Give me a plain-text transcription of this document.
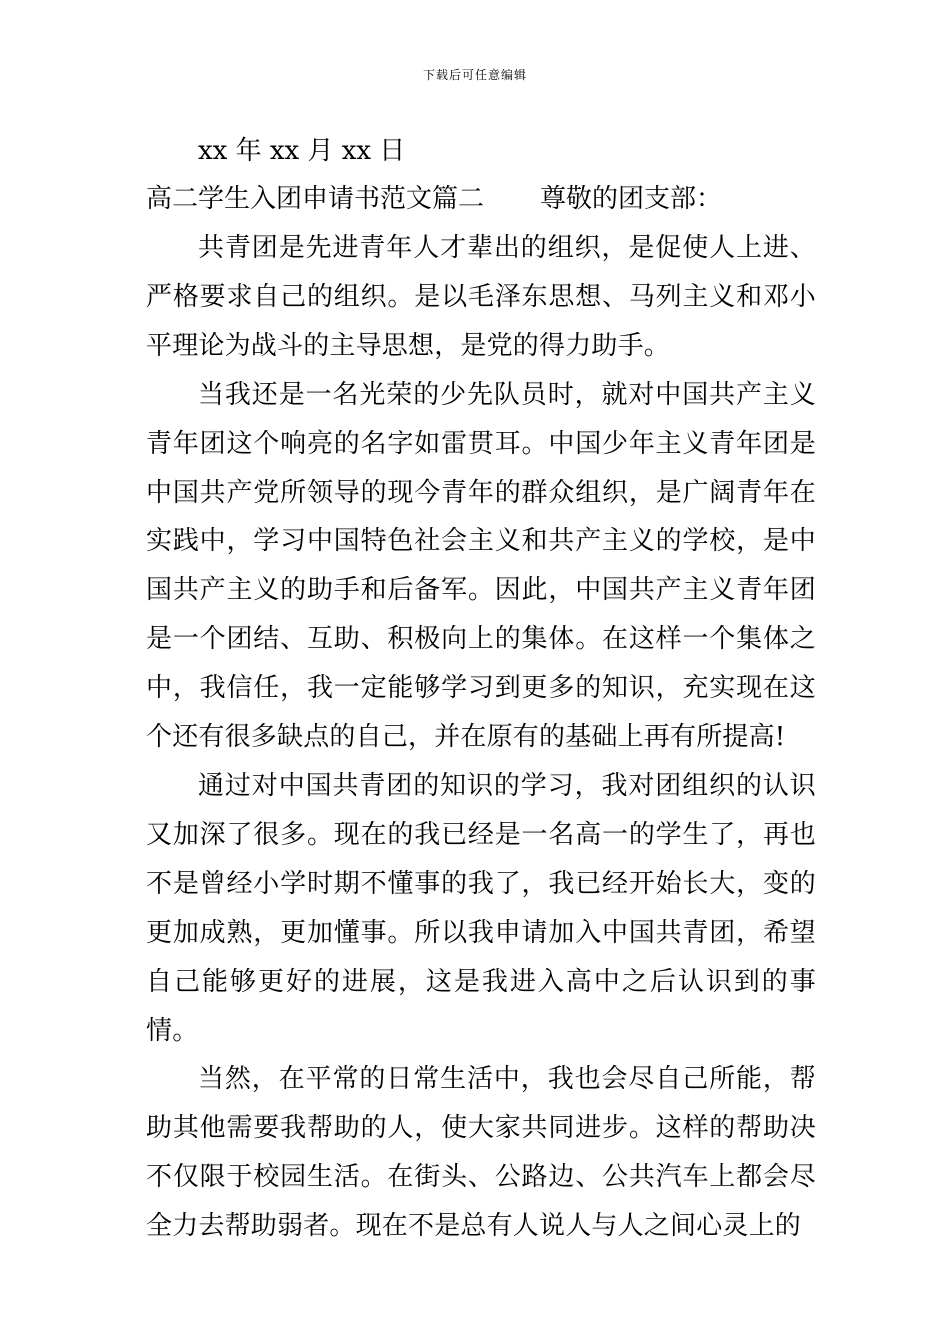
下载后可任意编辑
xx 年 xx 月 xx 日
高二学生入团申请书范文篇二 尊敬的团支部：

共青团是先进青年人才辈出的组织，是促使人上进、严格要求自己的组织。是以毛泽东思想、马列主义和邓小平理论为战斗的主导思想，是党的得力助手。

当我还是一名光荣的少先队员时，就对中国共产主义青年团这个响亮的名字如雷贯耳。中国少年主义青年团是中国共产党所领导的现今青年的群众组织，是广阔青年在实践中，学习中国特色社会主义和共产主义的学校，是中国共产主义的助手和后备军。因此，中国共产主义青年团是一个团结、互助、积极向上的集体。在这样一个集体之中，我信任，我一定能够学习到更多的知识，充实现在这个还有很多缺点的自己，并在原有的基础上再有所提高!

通过对中国共青团的知识的学习，我对团组织的认识又加深了很多。现在的我已经是一名高一的学生了，再也不是曾经小学时期不懂事的我了，我已经开始长大，变的更加成熟，更加懂事。所以我申请加入中国共青团，希望自己能够更好的进展，这是我进入高中之后认识到的事情。

当然，在平常的日常生活中，我也会尽自己所能，帮助其他需要我帮助的人，使大家共同进步。这样的帮助决不仅限于校园生活。在街头、公路边、公共汽车上都会尽全力去帮助弱者。现在不是总有人说人与人之间心灵上的
